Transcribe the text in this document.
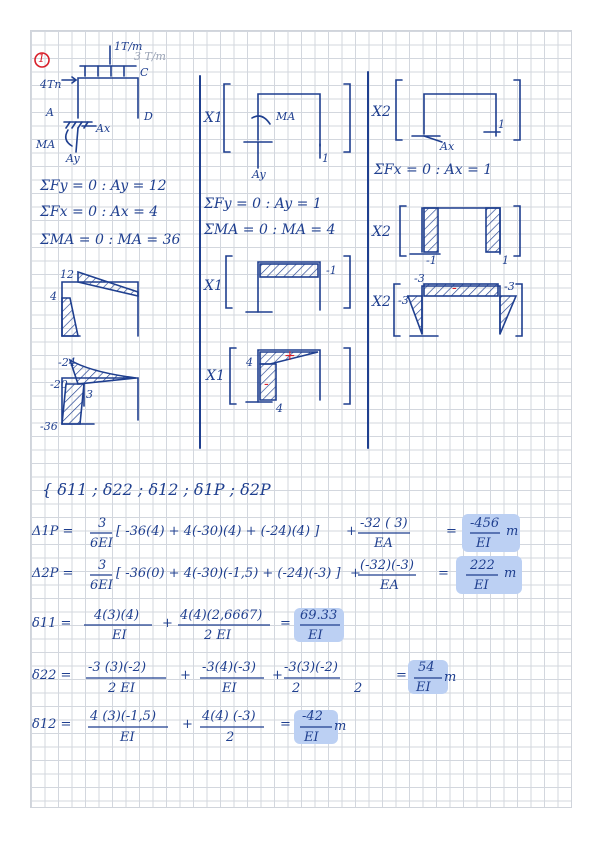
1
1T/m
3 T/m
4Tn
C
A	D
Ax
MA
Ay
ΣFy = 0 : Ay = 12
ΣFx = 0 : Ax = 4
ΣMA = 0 : MA = 36
12
4
-24
-20
-36
3
X1	MA
Ay
1
ΣFy = 0 : Ay = 1
ΣMA = 0 : MA = 4
X1
-1
X1
4
4
+
-
X2
Ax
1
ΣFx = 0 : Ax = 1
X2
-1	1
X2
-3
-3
-3
-
{ δ11 ; δ22 ; δ12 ; δ1P ; δ2P
Δ1P =
3
6EI
[ -36(4) + 4(-30)(4) + (-24)(4) ] +
-32 ( 3)
EA
=
-456
EI
m
Δ2P =
3
6EI
[ -36(0) + 4(-30)(-1,5) + (-24)(-3) ] +
(-32)(-3)
EA
=
222
EI
m
δ11 =
4(3)(4)
EI
+
4(4)(2,6667)
2 EI
=
69.33
EI
δ22 =
-3 (3)(-2)
2 EI
+
-3(4)(-3)
EI
+
-3(3)(-2)
2	2
=
54
EI
m
δ12 =
4 (3)(-1,5)
EI
+
4(4) (-3)
2
=
-42
EI
m
